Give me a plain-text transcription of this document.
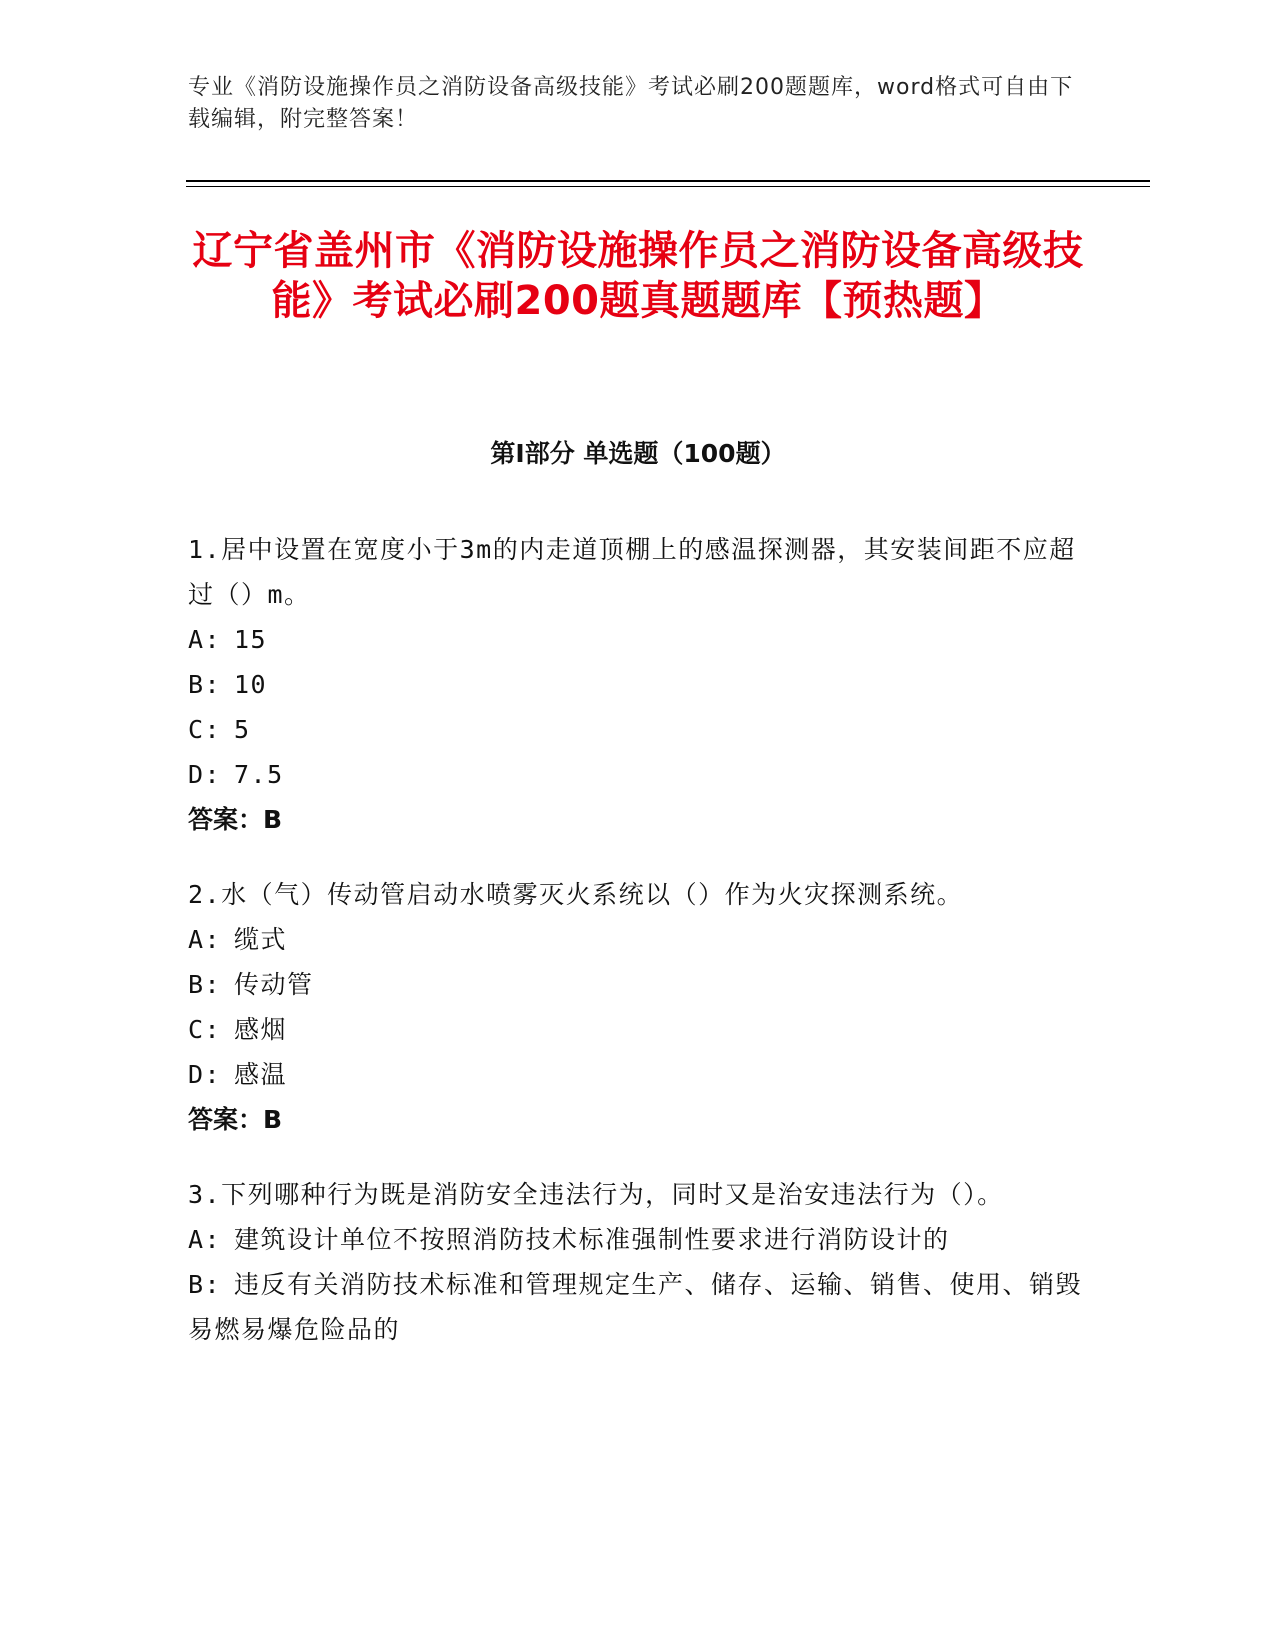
专业《消防设施操作员之消防设备高级技能》考试必刷200题题库，word格式可自由下载编辑，附完整答案！
辽宁省盖州市《消防设施操作员之消防设备高级技能》考试必刷200题真题题库【预热题】
第Ⅰ部分 单选题（100题）
1.居中设置在宽度小于3m的内走道顶棚上的感温探测器，其安装间距不应超过（）m。
A: 15
B: 10
C: 5
D: 7.5
答案：B
2.水（气）传动管启动水喷雾灭火系统以（）作为火灾探测系统。
A: 缆式
B: 传动管
C: 感烟
D: 感温
答案：B
3.下列哪种行为既是消防安全违法行为，同时又是治安违法行为（）。
A: 建筑设计单位不按照消防技术标准强制性要求进行消防设计的
B: 违反有关消防技术标准和管理规定生产、储存、运输、销售、使用、销毁易燃易爆危险品的
